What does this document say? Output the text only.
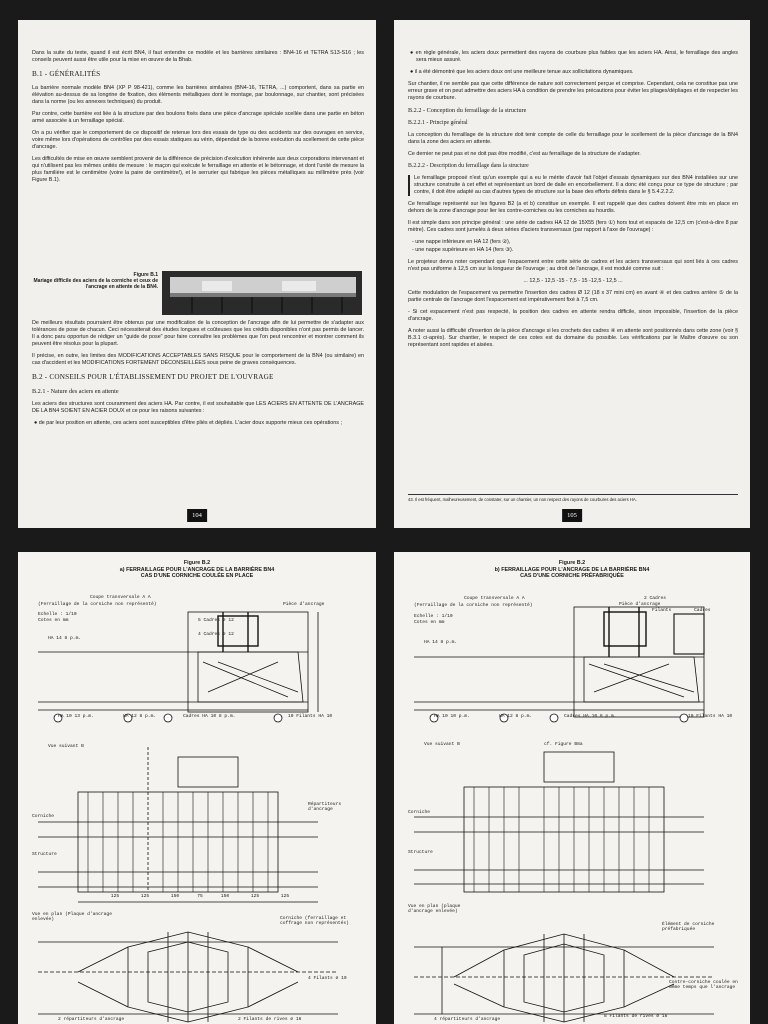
Dans la suite du texte, quand il est écrit BN4, il faut entendre ce modèle et les barrières similaires : BN4-16 et TETRA S13-S16 ; les conseils peuvent aussi être utile pour la mise en œuvre de la Bhab.

B.1 - GÉNÉRALITÉS

La barrière normale modèle BN4 (XP P 98-421), comme les barrières similaires (BN4-16, TETRA, ...) comportent, dans sa partie en élévation au-dessus de sa longrine de fixation, des éléments métalliques dont le montage, par boulonnage, sur chantier, sont précisées dans la norme (ou les annexes techniques) du produit.

Par contre, cette barrière est liée à la structure par des boulons fixés dans une pièce d'ancrage spéciale scellée dans une partie en béton armé associée à un ferraillage spécial.

On a pu vérifier que le comportement de ce dispositif de retenue lors des essais de type ou des accidents sur des ouvrages en service, voire même lors d'opérations de contrôles par des essais statiques au vérin, dépendait de la bonne exécution du scellement de cette pièce d'ancrage.

Les difficultés de mise en œuvre semblent provenir de la différence de précision d'exécution inhérente aux deux corporations intervenant et qui n'utilisent pas les mêmes unités de mesure : le maçon qui exécute le ferraillage en attente et le bétonnage, et dont l'unité de mesure la plus familière est le centimètre (voire la paire de centimètre!), et le serrurier qui fabrique les pièces métalliques au millimètre près (voir Figure B.1).

Figure B.1
Mariage difficile des aciers de la corniche et ceux de l'ancrage en attente de la BN4.

De meilleurs résultats pourraient être obtenus par une modification de la conception de l'ancrage afin de lui permettre de s'adapter aux tolérances de pose de chacun. Ceci nécessiterait des études longues et coûteuses que les crédits disponibles n'ont pas permis de lancer. Il a donc paru opportun de rédiger un "guide de pose" pour faire connaître les problèmes que l'on peut rencontrer et montrer comment ils peuvent être résolus pour la plupart.

Il précise, en outre, les limites des MODIFICATIONS ACCEPTABLES SANS RISQUE pour le comportement de la BN4 (ou similaire) en cas d'accident et les MODIFICATIONS FORTEMENT DÉCONSEILLÉES sous peine de graves conséquences.

B.2 - CONSEILS POUR L'ÉTABLISSEMENT DU PROJET DE L'OUVRAGE
B.2.1 - Nature des aciers en attente

Les aciers des structures sont couramment des aciers HA. Par contre, il est souhaitable que LES ACIERS EN ATTENTE DE L'ANCRAGE DE LA BN4 SOIENT EN ACIER DOUX et ce pour les raisons suivantes :

● de par leur position en attente, ces aciers sont susceptibles d'être pliés et dépliés. L'acier doux supporte mieux ces opérations ;

104

● en règle générale, les aciers doux permettent des rayons de courbure plus faibles que les aciers HA. Ainsi, le ferraillage des angles sera mieux assuré.

● il a été démontré que les aciers doux ont une meilleure tenue aux sollicitations dynamiques.

Sur chantier, il ne semble pas que cette différence de nature soit correctement perçue et comprise. Cependant, cela ne constitue pas une erreur grave et on peut admettre des aciers HA à condition de prendre les précautions pour éviter les pliages/dépliages et de respecter les rayons de courbure.

B.2.2 - Conception du ferraillage de la structure
B.2.2.1 - Principe général

La conception du ferraillage de la structure doit tenir compte de celle du ferraillage pour le scellement de la pièce d'ancrage de la BN4 dans la zone des aciers en attente.

Ce dernier ne peut pas et ne doit pas être modifié, c'est au ferraillage de la structure de s'adapter.

B.2.2.2 - Description du ferraillage dans la structure

Le ferraillage proposé n'est qu'un exemple qui a eu le mérite d'avoir fait l'objet d'essais dynamiques sur des BN4 installées sur une structure construite à cet effet et représentant un bord de dalle en encorbellement. Il a donc été conçu pour ce type de structure ; par contre, il doit être adapté au cas d'autres types de structure sur la base des efforts définis dans le § 5.4.2.2.2.

Ce ferraillage représenté sur les figures B2 (a et b) constitue un exemple. Il est rappelé que des cadres doivent être mis en place en dehors de la zone d'ancrage pour lier les contre-corniches ou les corniches au hourdis.

Il est simple dans son principe général : une série de cadres HA 12 de 15X55 (fers ①) hors tout et espacés de 12,5 cm (c'est-à-dire 8 par mètre). Ces cadres sont jumelés à deux séries d'aciers transversaux (par rapport à l'axe de l'ouvrage) :

- une nappe inférieure en HA 12 (fers ②),

- une nappe supérieure en HA 14 (fers ③).

Le projeteur devra noter cependant que l'espacement entre cette série de cadres et les aciers transversaux qui sont liés à ces cadres n'est pas uniforme à 12,5 cm sur la longueur de l'ouvrage ; au droit de l'ancrage, il est modulé comme suit :

... 12,5 - 12,5 -15 - 7,5 - 15 -12,5 - 12,5 ...

Cette modulation de l'espacement va permettre l'insertion des cadres Ø 12 (18 x 37 mini cm) en avant ④ et des cadres arrière ⑤ de la partie centrale de l'ancrage dont l'espacement est impérativement fixé à 7,5 cm.

- Si cet espacement n'est pas respecté, la position des cadres en attente rendra difficile, sinon impossible, l'insertion de la pièce d'ancrage.

A noter aussi la difficulté d'insertion de la pièce d'ancrage si les crochets des cadres ④ en attente sont positionnés dans cette zone (voir § B.3.1 ci-après). Sur chantier, le respect de ces cotes est du domaine du possible. Les vérifications par le Maître d'œuvre ou son représentant sont rapides et aisées.

43. Il est fréquent, malheureusement, de constater, sur un chantier, un non respect des rayons de courbures des aciers HA.
105
Figure B.2
a) FERRAILLAGE POUR L'ANCRAGE DE LA BARRIÈRE BN4
CAS D'UNE CORNICHE COULÉE EN PLACE
Coupe transversale A A
(Ferraillage de la corniche non représenté)
Echelle : 1/10
Cotes en mm
Pièce d'ancrage
5 Cadres ⌀ 12
4 Cadres ⌀ 12
HA 14 8 p.m.
HA 10 13 p.m.	HA 12 8 p.m.	Cadres HA 10 8 p.m.	10 Filants HA 10
Vue suivant B
Corniche
Structure
Répartiteurs d'ancrage
125	125	150	75	150	125	125
Vue en plan (Plaque d'ancrage enlevée)	Corniche (ferraillage et coffrage non représentés)
4 Filants ⌀ 10
2 répartiteurs d'ancrage	2 Filants de rives ⌀ 16
Figure B.2
b) FERRAILLAGE POUR L'ANCRAGE DE LA BARRIÈRE BN4
CAS D'UNE CORNICHE PRÉFABRIQUÉE
Coupe transversale A A
(Ferraillage de la corniche non représenté)
Echelle : 1/10
Cotes en mm
2 Cadres
Filants	Cadres
Pièce d'ancrage
HA 14 8 p.m.
HA 10 10 p.m.	HA 12 8 p.m.	Cadres HA 10 8 p.m.	10 Filants HA 10
Vue suivant B	cf. Figure B8a
Corniche
Structure
Vue en plan (plaque d'ancrage enlevée)
Élément de corniche préfabriquée
Contre-corniche coulée en même temps que l'ancrage
8 Filants de rives ⌀ 16
4 répartiteurs d'ancrage
